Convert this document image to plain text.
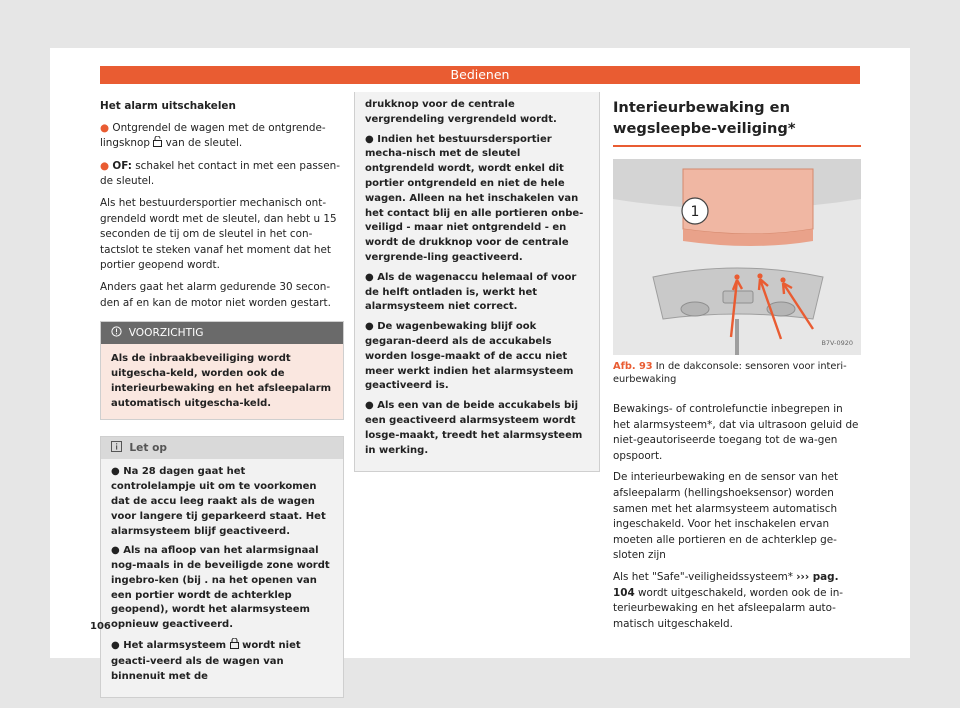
Bedienen

Het alarm uitschakelen

● Ontgrendel de wagen met de ontgrende-lingsknop van de sleutel.

● OF: schakel het contact in met een passen-de sleutel.

Als het bestuurdersportier mechanisch ont-grendeld wordt met de sleutel, dan hebt u 15 seconden de tij om de sleutel in het con-tactslot te steken vanaf het moment dat het portier geopend wordt.

Anders gaat het alarm gedurende 30 secon-den af en kan de motor niet worden gestart.

VOORZICHTIG
Als de inbraakbeveiliging wordt uitgescha-keld, worden ook de interieurbewaking en het afsleepalarm automatisch uitgescha-keld.
Let op

● Na 28 dagen gaat het controlelampje uit om te voorkomen dat de accu leeg raakt als de wagen voor langere tij geparkeerd staat. Het alarmsysteem blijf geactiveerd.

● Als na afloop van het alarmsignaal nog-maals in de beveiligde zone wordt ingebro-ken (bij . na het openen van een portier wordt de achterklep geopend), wordt het alarmsysteem opnieuw geactiveerd.

● Het alarmsysteem wordt niet geacti-veerd als de wagen van binnenuit met de

drukknop voor de centrale vergrendeling vergrendeld wordt.

● Indien het bestuursdersportier mecha-nisch met de sleutel ontgrendeld wordt, wordt enkel dit portier ontgrendeld en niet de hele wagen. Alleen na het inschakelen van het contact blij en alle portieren onbe-veiligd - maar niet ontgrendeld - en wordt de drukknop voor de centrale vergrende-ling geactiveerd.

● Als de wagenaccu helemaal of voor de helft ontladen is, werkt het alarmsysteem niet correct.

● De wagenbewaking blijf ook gegaran-deerd als de accukabels worden losge-maakt of de accu niet meer werkt indien het alarmsysteem geactiveerd is.

● Als een van de beide accukabels bij een geactiveerd alarmsysteem wordt losge-maakt, treedt het alarmsysteem in werking.

Interieurbewaking en wegsleepbe-veiliging*
1
B7V-0920
Afb. 93 In de dakconsole: sensoren voor interi-eurbewaking

Bewakings- of controlefunctie inbegrepen in het alarmsysteem*, dat via ultrasoon geluid de niet-geautoriseerde toegang tot de wa-gen opspoort.

De interieurbewaking en de sensor van het afsleepalarm (hellingshoeksensor) worden samen met het alarmsysteem automatisch ingeschakeld. Voor het inschakelen ervan moeten alle portieren en de achterklep ge-sloten zijn

Als het "Safe"-veiligheidssysteem* ››› pag. 104 wordt uitgeschakeld, worden ook de in-terieurbewaking en het afsleepalarm auto-matisch uitgeschakeld.

106
